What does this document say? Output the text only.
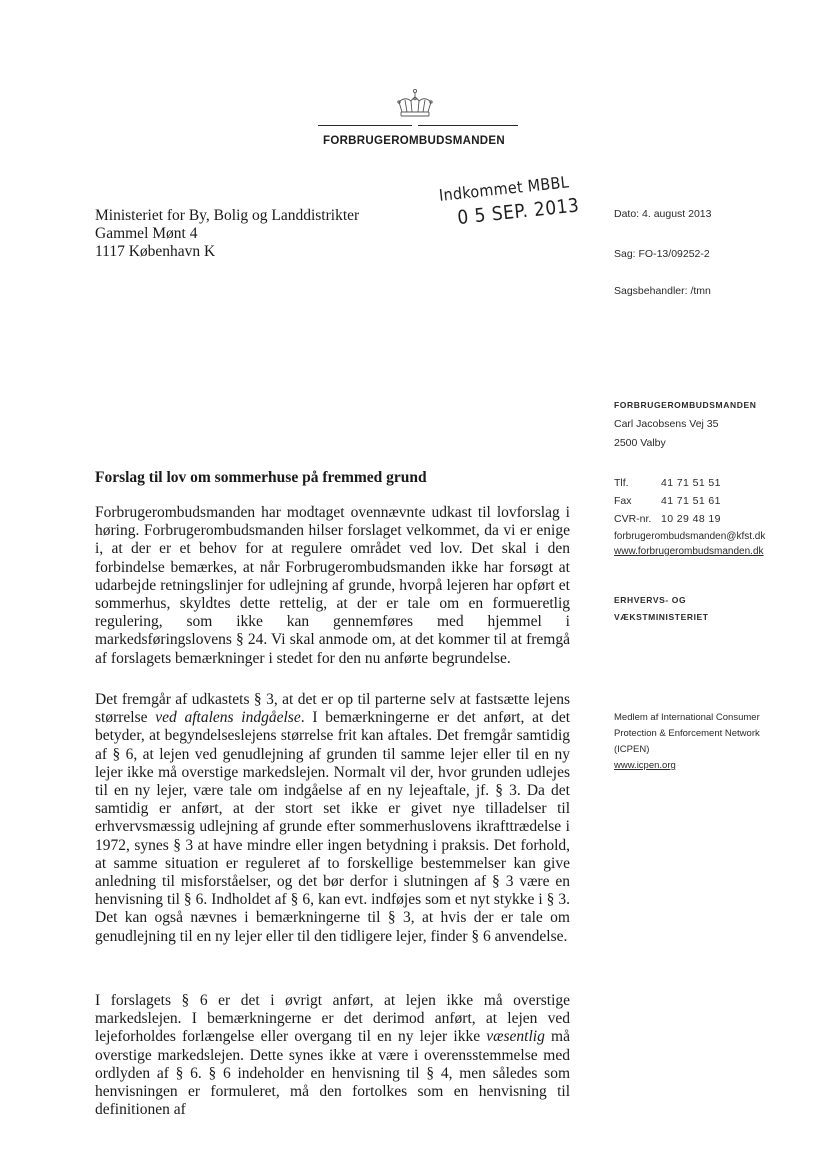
FORBRUGEROMBUDSMANDEN
Indkommet MBBL
0 5 SEP. 2013
Ministeriet for By, Bolig og Landdistrikter
Gammel Mønt 4
1117 København K
Dato: 4. august 2013
Sag: FO-13/09252-2
Sagsbehandler: /tmn
FORBRUGEROMBUDSMANDEN
Carl Jacobsens Vej 35
2500 Valby
Tlf.	41 71 51 51
Fax	41 71 51 61
CVR-nr. 10 29 48 19
forbrugerombudsmanden@kfst.dk
www.forbrugerombudsmanden.dk
ERHVERVS- OG
VÆKSTMINISTERIET
Medlem af International Consumer
Protection & Enforcement Network
(ICPEN)
www.icpen.org
Forslag til lov om sommerhuse på fremmed grund

Forbrugerombudsmanden har modtaget ovennævnte udkast til lovforslag i høring. Forbrugerombudsmanden hilser forslaget velkommet, da vi er enige i, at der er et behov for at regulere området ved lov. Det skal i den forbindelse bemærkes, at når Forbrugerombudsmanden ikke har forsøgt at udarbejde retningslinjer for udlejning af grunde, hvorpå lejeren har opført et sommerhus, skyldtes dette rettelig, at der er tale om en formueretlig regulering, som ikke kan gennemføres med hjemmel i markedsføringslovens § 24. Vi skal anmode om, at det kommer til at fremgå af forslagets bemærkninger i stedet for den nu anførte begrundelse.

Det fremgår af udkastets § 3, at det er op til parterne selv at fastsætte lejens størrelse ved aftalens indgåelse. I bemærkningerne er det anført, at det betyder, at begyndelseslejens størrelse frit kan aftales. Det fremgår samtidig af § 6, at lejen ved genudlejning af grunden til samme lejer eller til en ny lejer ikke må overstige markedslejen. Normalt vil der, hvor grunden udlejes til en ny lejer, være tale om indgåelse af en ny lejeaftale, jf. § 3. Da det samtidig er anført, at der stort set ikke er givet nye tilladelser til erhvervsmæssig udlejning af grunde efter sommerhuslovens ikrafttrædelse i 1972, synes § 3 at have mindre eller ingen betydning i praksis. Det forhold, at samme situation er reguleret af to forskellige bestemmelser kan give anledning til misforståelser, og det bør derfor i slutningen af § 3 være en henvisning til § 6. Indholdet af § 6, kan evt. indføjes som et nyt stykke i § 3. Det kan også nævnes i bemærkningerne til § 3, at hvis der er tale om genudlejning til en ny lejer eller til den tidligere lejer, finder § 6 anvendelse.

I forslagets § 6 er det i øvrigt anført, at lejen ikke må overstige markedslejen. I bemærkningerne er det derimod anført, at lejen ved lejeforholdes forlængelse eller overgang til en ny lejer ikke væsentlig må overstige markedslejen. Dette synes ikke at være i overensstemmelse med ordlyden af § 6. § 6 indeholder en henvisning til § 4, men således som henvisningen er formuleret, må den fortolkes som en henvisning til definitionen af
